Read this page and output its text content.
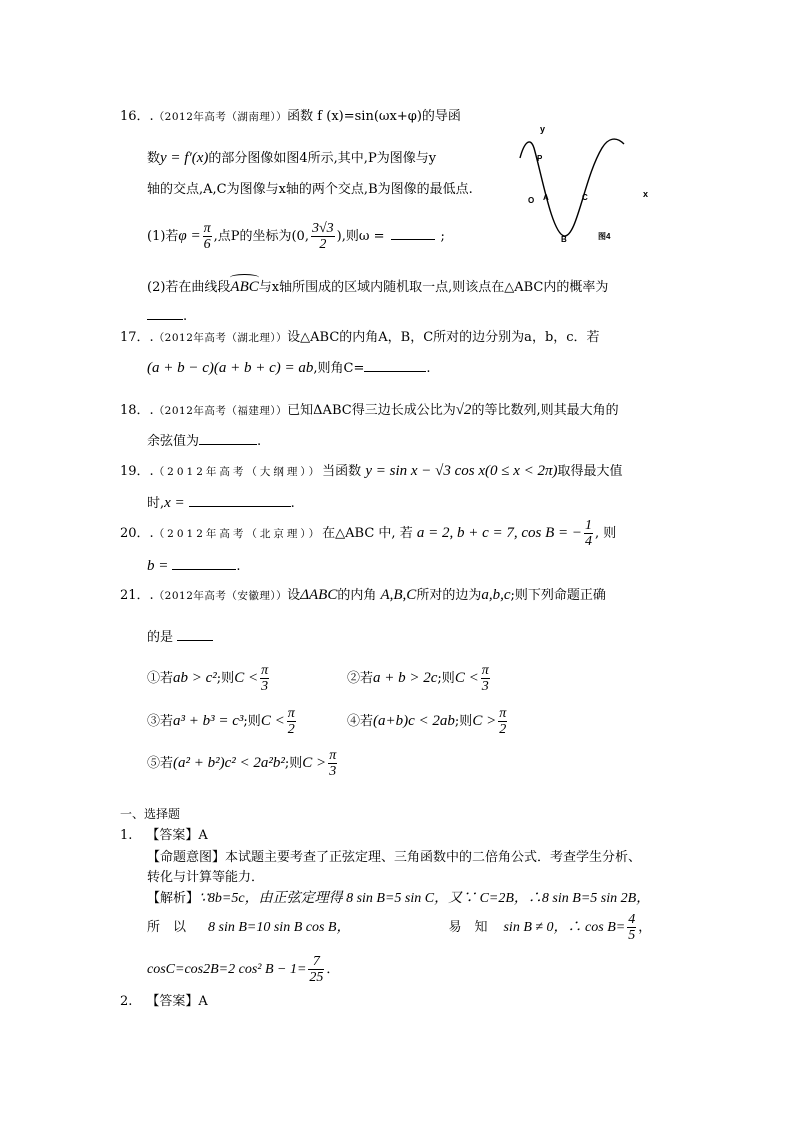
16．.（2012年高考（湖南理））函数 f (x)=sin(ωx+φ)的导函
数y = f′(x)的部分图像如图4所示,其中,P为图像与y
轴的交点,A,C为图像与x轴的两个交点,B为图像的最低点.
(1)若$\varphi = \frac{\pi}{6}$ ,点P的坐标为(0, $\frac{3√3}{2}$ ),则ω =	;
(2)若在曲线段ABC与x轴所围成的区域内随机取一点,则该点在△ABC内的概率为
.
y
x
O
P
A	C
B	图4
17．.（2012年高考（湖北理））设△ABC的内角A，B，C所对的边分别为a，b，c．若
(a + b − c)(a + b + c) = ab,则角C=	.
18．.（2012年高考（福建理））已知ΔABC得三边长成公比为√2的等比数列,则其最大角的
余弦值为	.
19．.（2012年高考（大纲理））当函数 y = sin x − √3 cos x(0 ≤ x < 2π)取得最大值
时,x =	.
20．.（2012年高考（北京理））在△ABC 中, 若 a = 2, b + c = 7, cos B = − $\frac{1}{4}$ , 则
b =	.
21．.（2012年高考（安徽理））设ΔABC的内角 A,B,C所对的边为a,b,c;则下列命题正确
的是
①若ab > c²;则$C < \frac{\pi}{3}$	②若a + b > 2c;则$C < \frac{\pi}{3}$
③若a³ + b³ = c³;则$C < \frac{\pi}{2}$	④若(a+b)c < 2ab;则$C > \frac{\pi}{2}$
⑤若(a² + b²)c² < 2a²b²;则$C > \frac{\pi}{3}$
一、选择题
1. 【答案】A
【命题意图】本试题主要考查了正弦定理、三角函数中的二倍角公式．考查学生分析、
转化与计算等能力．
【解析】∵8b=5c，由正弦定理得 8 sin B=5 sin C，又∵ C=2B，∴8 sin B=5 sin 2B，
所　以 8 sin B=10 sin B cos B，	易　知 sin B ≠ 0，∴ $\cos B= \frac{4}{5}$ ，
cosC=cos2B=2 cos² $B - 1= \frac{7}{25}$ ．
2. 【答案】A
